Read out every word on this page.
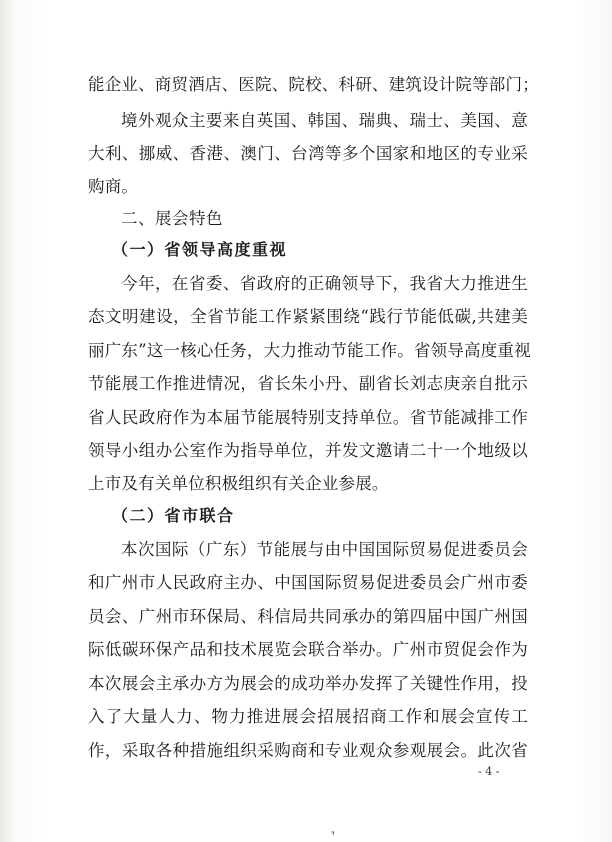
能企业、商贸酒店、医院、院校、科研、建筑设计院等部门；
境外观众主要来自英国、韩国、瑞典、瑞士、美国、意
大利、挪威、香港、澳门、台湾等多个国家和地区的专业采
购商。
二、展会特色
（一）省领导高度重视
今年，在省委、省政府的正确领导下，我省大力推进生
态文明建设，全省节能工作紧紧围绕“践行节能低碳,共建美
丽广东”这一核心任务，大力推动节能工作。省领导高度重视
节能展工作推进情况，省长朱小丹、副省长刘志庚亲自批示
省人民政府作为本届节能展特别支持单位。省节能减排工作
领导小组办公室作为指导单位，并发文邀请二十一个地级以
上市及有关单位积极组织有关企业参展。
（二）省市联合
本次国际（广东）节能展与由中国国际贸易促进委员会
和广州市人民政府主办、中国国际贸易促进委员会广州市委
员会、广州市环保局、科信局共同承办的第四届中国广州国
际低碳环保产品和技术展览会联合举办。广州市贸促会作为
本次展会主承办方为展会的成功举办发挥了关键性作用，投
入了大量人力、物力推进展会招展招商工作和展会宣传工
作，采取各种措施组织采购商和专业观众参观展会。此次省
- 4 -
